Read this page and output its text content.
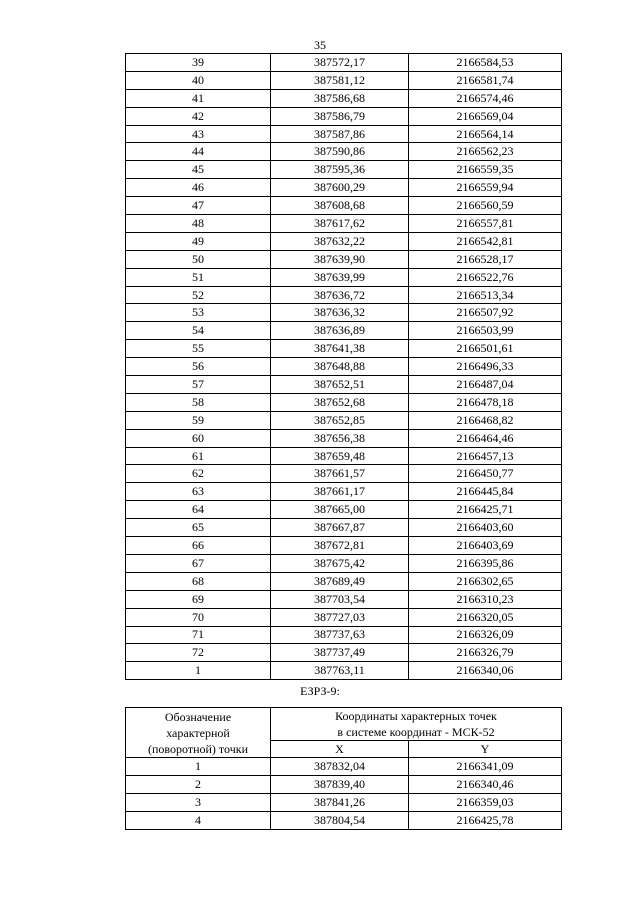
35
39	387572,17	2166584,53
40	387581,12	2166581,74
41	387586,68	2166574,46
42	387586,79	2166569,04
43	387587,86	2166564,14
44	387590,86	2166562,23
45	387595,36	2166559,35
46	387600,29	2166559,94
47	387608,68	2166560,59
48	387617,62	2166557,81
49	387632,22	2166542,81
50	387639,90	2166528,17
51	387639,99	2166522,76
52	387636,72	2166513,34
53	387636,32	2166507,92
54	387636,89	2166503,99
55	387641,38	2166501,61
56	387648,88	2166496,33
57	387652,51	2166487,04
58	387652,68	2166478,18
59	387652,85	2166468,82
60	387656,38	2166464,46
61	387659,48	2166457,13
62	387661,57	2166450,77
63	387661,17	2166445,84
64	387665,00	2166425,71
65	387667,87	2166403,60
66	387672,81	2166403,69
67	387675,42	2166395,86
68	387689,49	2166302,65
69	387703,54	2166310,23
70	387727,03	2166320,05
71	387737,63	2166326,09
72	387737,49	2166326,79
1	387763,11	2166340,06
ЕЗРЗ-9:
Обозначение
характерной
(поворотной) точки	Координаты характерных точек
в системе координат - МСК-52	

	X	Y
1	387832,04	2166341,09
2	387839,40	2166340,46
3	387841,26	2166359,03
4	387804,54	2166425,78
